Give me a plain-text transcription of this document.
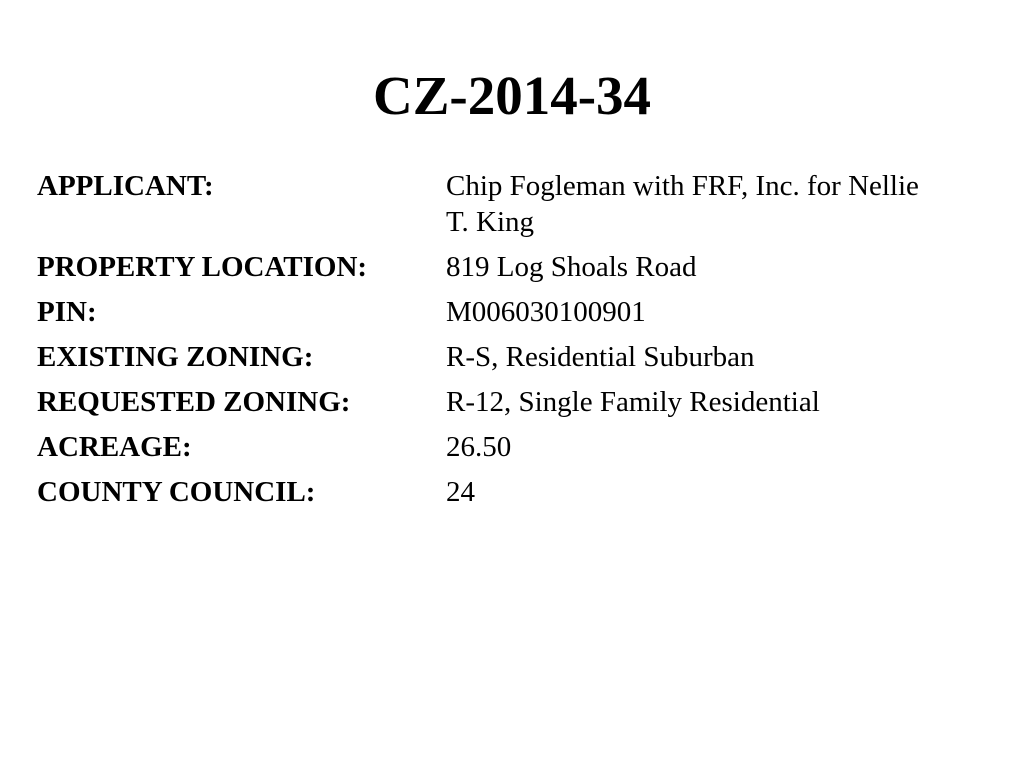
CZ-2014-34
APPLICANT:	Chip Fogleman with FRF, Inc. for Nellie T. King
PROPERTY LOCATION:	819 Log Shoals Road
PIN:	M006030100901
EXISTING ZONING:	R-S, Residential Suburban
REQUESTED ZONING:	R-12, Single Family Residential
ACREAGE:	26.50
COUNTY COUNCIL:	24
